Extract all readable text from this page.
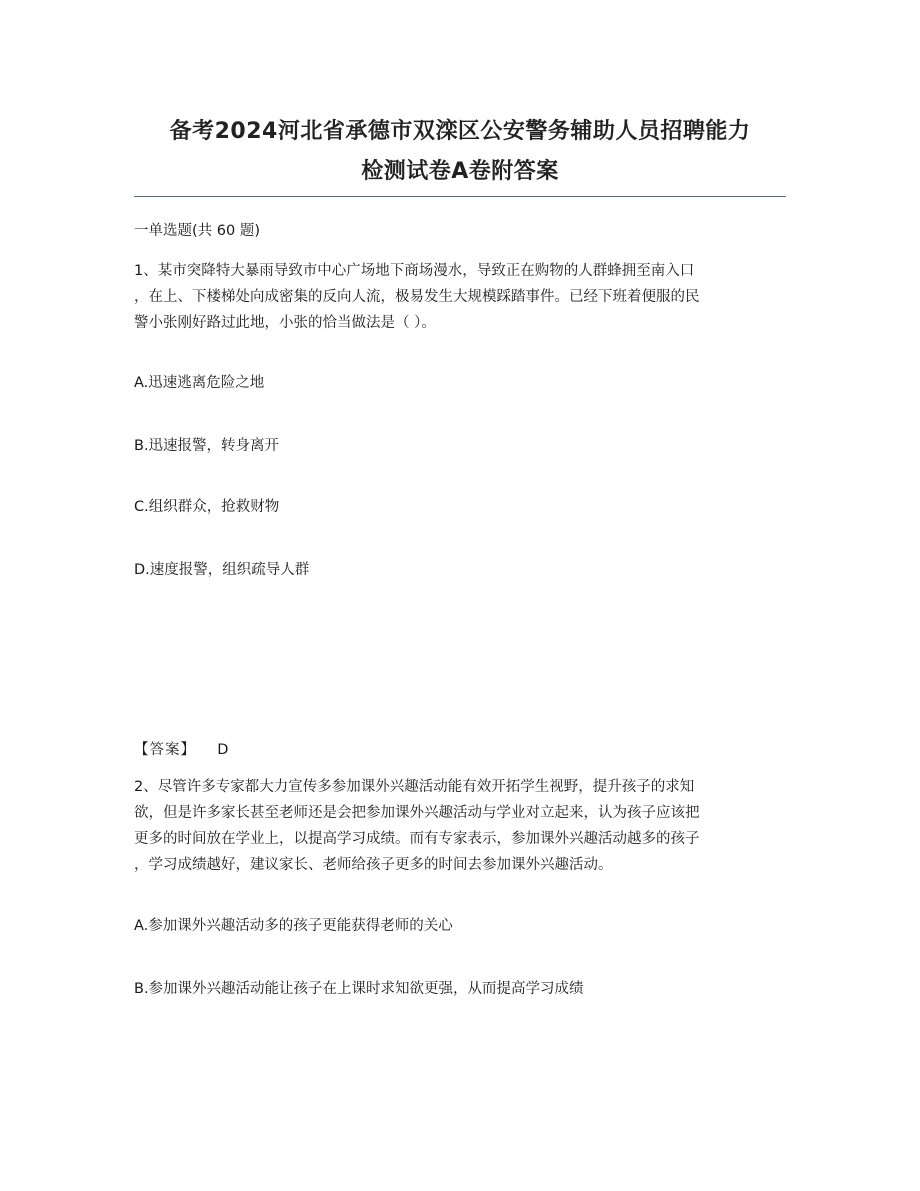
备考2024河北省承德市双滦区公安警务辅助人员招聘能力
检测试卷A卷附答案
一单选题(共 60 题)
1、某市突降特大暴雨导致市中心广场地下商场漫水，导致正在购物的人群蜂拥至南入口
，在上、下楼梯处向成密集的反向人流，极易发生大规模踩踏事件。已经下班着便服的民
警小张刚好路过此地，小张的恰当做法是（ ）。
A.迅速逃离危险之地
B.迅速报警，转身离开
C.组织群众，抢救财物
D.速度报警，组织疏导人群
【答案】 D
2、尽管许多专家都大力宣传多参加课外兴趣活动能有效开拓学生视野，提升孩子的求知
欲，但是许多家长甚至老师还是会把参加课外兴趣活动与学业对立起来，认为孩子应该把
更多的时间放在学业上，以提高学习成绩。而有专家表示，参加课外兴趣活动越多的孩子
，学习成绩越好，建议家长、老师给孩子更多的时间去参加课外兴趣活动。
A.参加课外兴趣活动多的孩子更能获得老师的关心
B.参加课外兴趣活动能让孩子在上课时求知欲更强，从而提高学习成绩
